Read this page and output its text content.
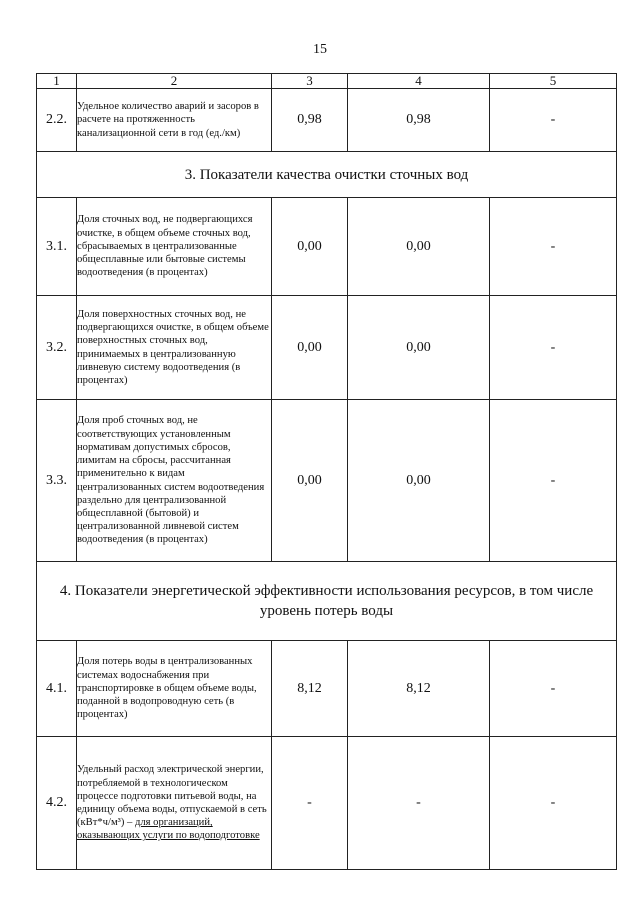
15
1	2	3	4	5
2.2.	Удельное количество аварий и засоров в расчете на протяженность канализационной сети в год (ед./км)	0,98	0,98	-
3. Показатели качества очистки сточных вод				
3.1.	Доля сточных вод, не подвергающихся очистке, в общем объеме сточных вод, сбрасываемых в централизованные общесплавные или бытовые системы водоотведения (в процентах)	0,00	0,00	-
3.2.	Доля поверхностных сточных вод, не подвергающихся очистке, в общем объеме поверхностных сточных вод, принимаемых в централизованную ливневую систему водоотведения (в процентах)	0,00	0,00	-
3.3.	Доля проб сточных вод, не соответствующих установленным нормативам допустимых сбросов, лимитам на сбросы, рассчитанная применительно к видам централизованных систем водоотведения раздельно для централизованной общесплавной (бытовой) и централизованной ливневой систем водоотведения (в процентах)	0,00	0,00	-
4. Показатели энергетической эффективности использования ресурсов, в том числе уровень потерь воды				
4.1.	Доля потерь воды в централизованных системах водоснабжения при транспортировке в общем объеме воды, поданной в водопроводную сеть (в процентах)	8,12	8,12	-
4.2.	Удельный расход электрической энергии, потребляемой в технологическом процессе подготовки питьевой воды, на единицу объема воды, отпускаемой в сеть (кВт*ч/м³) – для организаций, оказывающих услуги по водоподготовке	-	-	-
